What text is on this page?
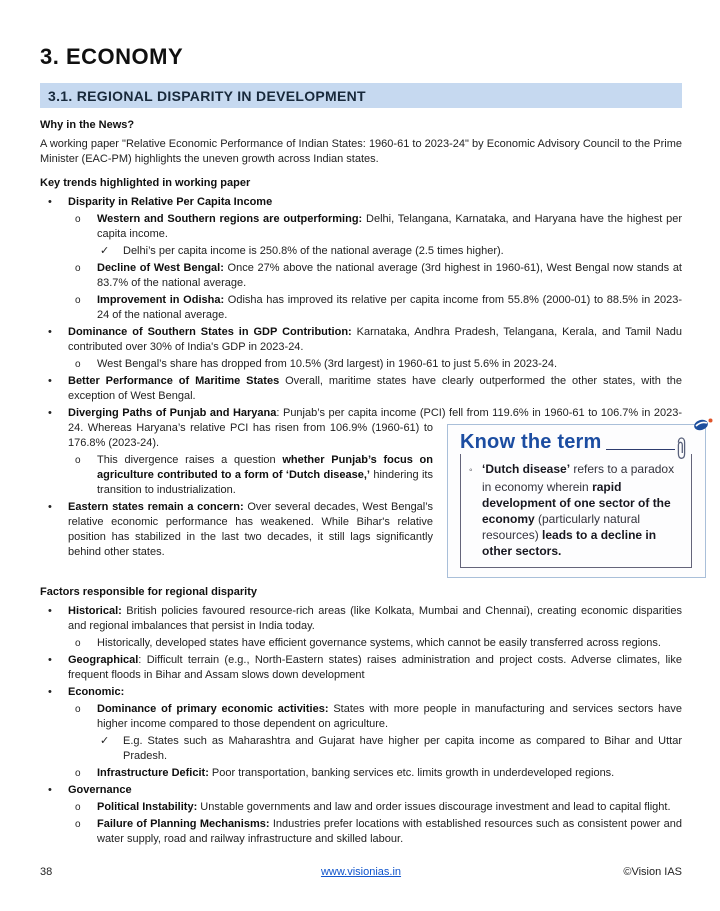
3. ECONOMY
3.1. REGIONAL DISPARITY IN DEVELOPMENT

Why in the News?

A working paper "Relative Economic Performance of Indian States: 1960-61 to 2023-24" by Economic Advisory Council to the Prime Minister (EAC-PM) highlights the uneven growth across Indian states.

Key trends highlighted in working paper

• Disparity in Relative Per Capita Income
o Western and Southern regions are outperforming: Delhi, Telangana, Karnataka, and Haryana have the highest per capita income.
✓ Delhi’s per capita income is 250.8% of the national average (2.5 times higher).
o Decline of West Bengal: Once 27% above the national average (3rd highest in 1960-61), West Bengal now stands at 83.7% of the national average.
o Improvement in Odisha: Odisha has improved its relative per capita income from 55.8% (2000-01) to 88.5% in 2023-24 of the national average.
• Dominance of Southern States in GDP Contribution: Karnataka, Andhra Pradesh, Telangana, Kerala, and Tamil Nadu contributed over 30% of India's GDP in 2023-24.
o West Bengal’s share has dropped from 10.5% (3rd largest) in 1960-61 to just 5.6% in 2023-24.
• Better Performance of Maritime States Overall, maritime states have clearly outperformed the other states, with the exception of West Bengal.
• Diverging Paths of Punjab and Haryana: Punjab’s per capita income (PCI) fell from 119.6% in 1960-61 to 106.7% in
Know the term
◦ ‘Dutch disease’ refers to a paradox in economy wherein rapid development of one sector of the economy (particularly natural resources) leads to a decline in other sectors.
2023-24. Whereas Haryana’s relative PCI has risen from 106.9% (1960-61) to 176.8% (2023-24).
o This divergence raises a question whether Punjab’s focus on agriculture contributed to a form of ‘Dutch disease,’ hindering its transition to industrialization.
• Eastern states remain a concern: Over several decades, West Bengal’s relative economic performance has weakened. While Bihar's relative position has stabilized in the last two decades, it still lags significantly behind other states.

Factors responsible for regional disparity

• Historical: British policies favoured resource-rich areas (like Kolkata, Mumbai and Chennai), creating economic disparities and regional imbalances that persist in India today.
o Historically, developed states have efficient governance systems, which cannot be easily transferred across regions.
• Geographical: Difficult terrain (e.g., North-Eastern states) raises administration and project costs. Adverse climates, like frequent floods in Bihar and Assam slows down development
• Economic:
o Dominance of primary economic activities: States with more people in manufacturing and services sectors have higher income compared to those dependent on agriculture.
✓ E.g. States such as Maharashtra and Gujarat have higher per capita income as compared to Bihar and Uttar Pradesh.
o Infrastructure Deficit: Poor transportation, banking services etc. limits growth in underdeveloped regions.
• Governance
o Political Instability: Unstable governments and law and order issues discourage investment and lead to capital flight.
o Failure of Planning Mechanisms: Industries prefer locations with established resources such as consistent power and water supply, road and railway infrastructure and skilled labour.
38	www.visionias.in	©Vision IAS
